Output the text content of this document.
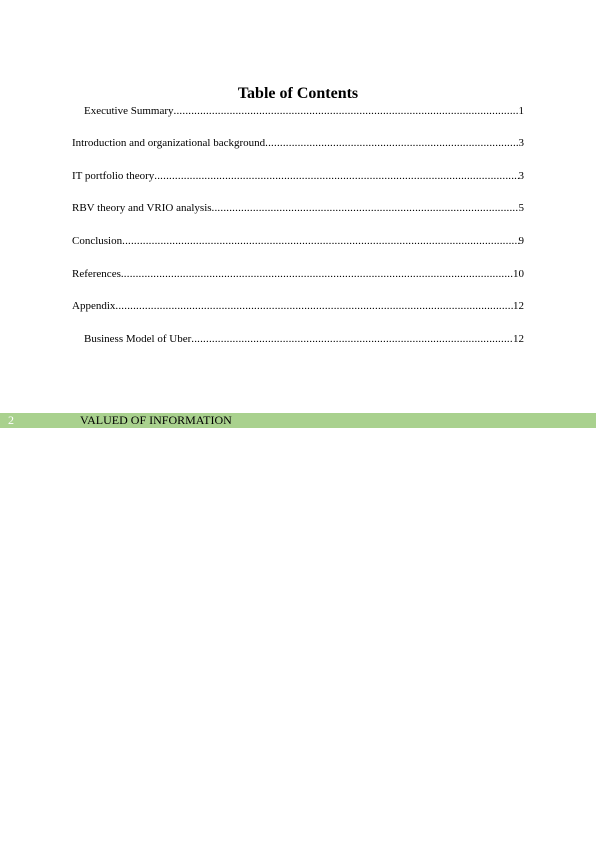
Table of Contents
Executive Summary .....	1
Introduction and organizational background .....	3
IT portfolio theory .....	3
RBV theory and VRIO analysis .....	5
Conclusion .....	9
References .....	10
Appendix .....	12
Business Model of Uber .....	12
2	VALUED OF INFORMATION
